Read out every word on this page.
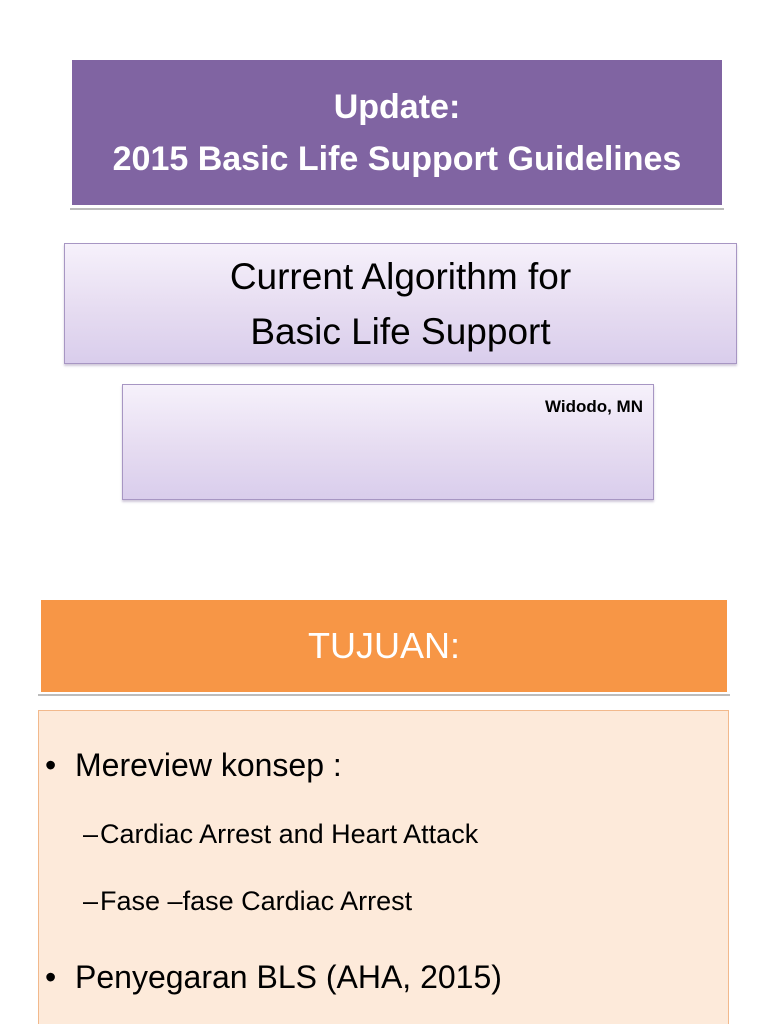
Update:
2015 Basic Life Support Guidelines
Current Algorithm for
Basic Life Support
Widodo, MN
TUJUAN:
• Mereview konsep :
– Cardiac Arrest and Heart Attack
– Fase –fase Cardiac Arrest
• Penyegaran BLS (AHA, 2015)
